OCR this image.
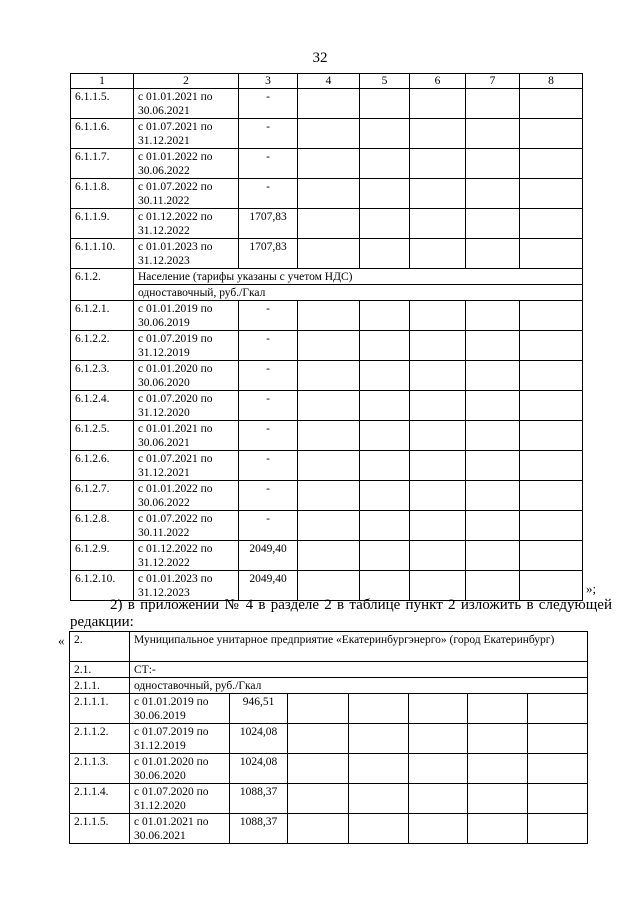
32
1	2	3	4	5	6	7	8
6.1.1.5.	с 01.01.2021 по 30.06.2021	-					
6.1.1.6.	с 01.07.2021 по 31.12.2021	-					
6.1.1.7.	с 01.01.2022 по 30.06.2022	-					
6.1.1.8.	с 01.07.2022 по 30.11.2022	-					
6.1.1.9.	с 01.12.2022 по 31.12.2022	1707,83					
6.1.1.10.	с 01.01.2023 по 31.12.2023	1707,83					
6.1.2.	Население (тарифы указаны с учетом НДС)						
	одноставочный, руб./Гкал						
6.1.2.1.	с 01.01.2019 по 30.06.2019	-					
6.1.2.2.	с 01.07.2019 по 31.12.2019	-					
6.1.2.3.	с 01.01.2020 по 30.06.2020	-					
6.1.2.4.	с 01.07.2020 по 31.12.2020	-					
6.1.2.5.	с 01.01.2021 по 30.06.2021	-					
6.1.2.6.	с 01.07.2021 по 31.12.2021	-					
6.1.2.7.	с 01.01.2022 по 30.06.2022	-					
6.1.2.8.	с 01.07.2022 по 30.11.2022	-					
6.1.2.9.	с 01.12.2022 по 31.12.2022	2049,40					
6.1.2.10.	с 01.01.2023 по 31.12.2023	2049,40					
»;
2) в приложении № 4 в разделе 2 в таблице пункт 2 изложить в следующей редакции:
« 2.	Муниципальное унитарное предприятие «Екатеринбургэнерго» (город Екатеринбург)						
2.1.	СТ:-						
2.1.1.	одноставочный, руб./Гкал						
2.1.1.1.	с 01.01.2019 по 30.06.2019	946,51					
2.1.1.2.	с 01.07.2019 по 31.12.2019	1024,08					
2.1.1.3.	с 01.01.2020 по 30.06.2020	1024,08					
2.1.1.4.	с 01.07.2020 по 31.12.2020	1088,37					
2.1.1.5.	с 01.01.2021 по 30.06.2021	1088,37					
